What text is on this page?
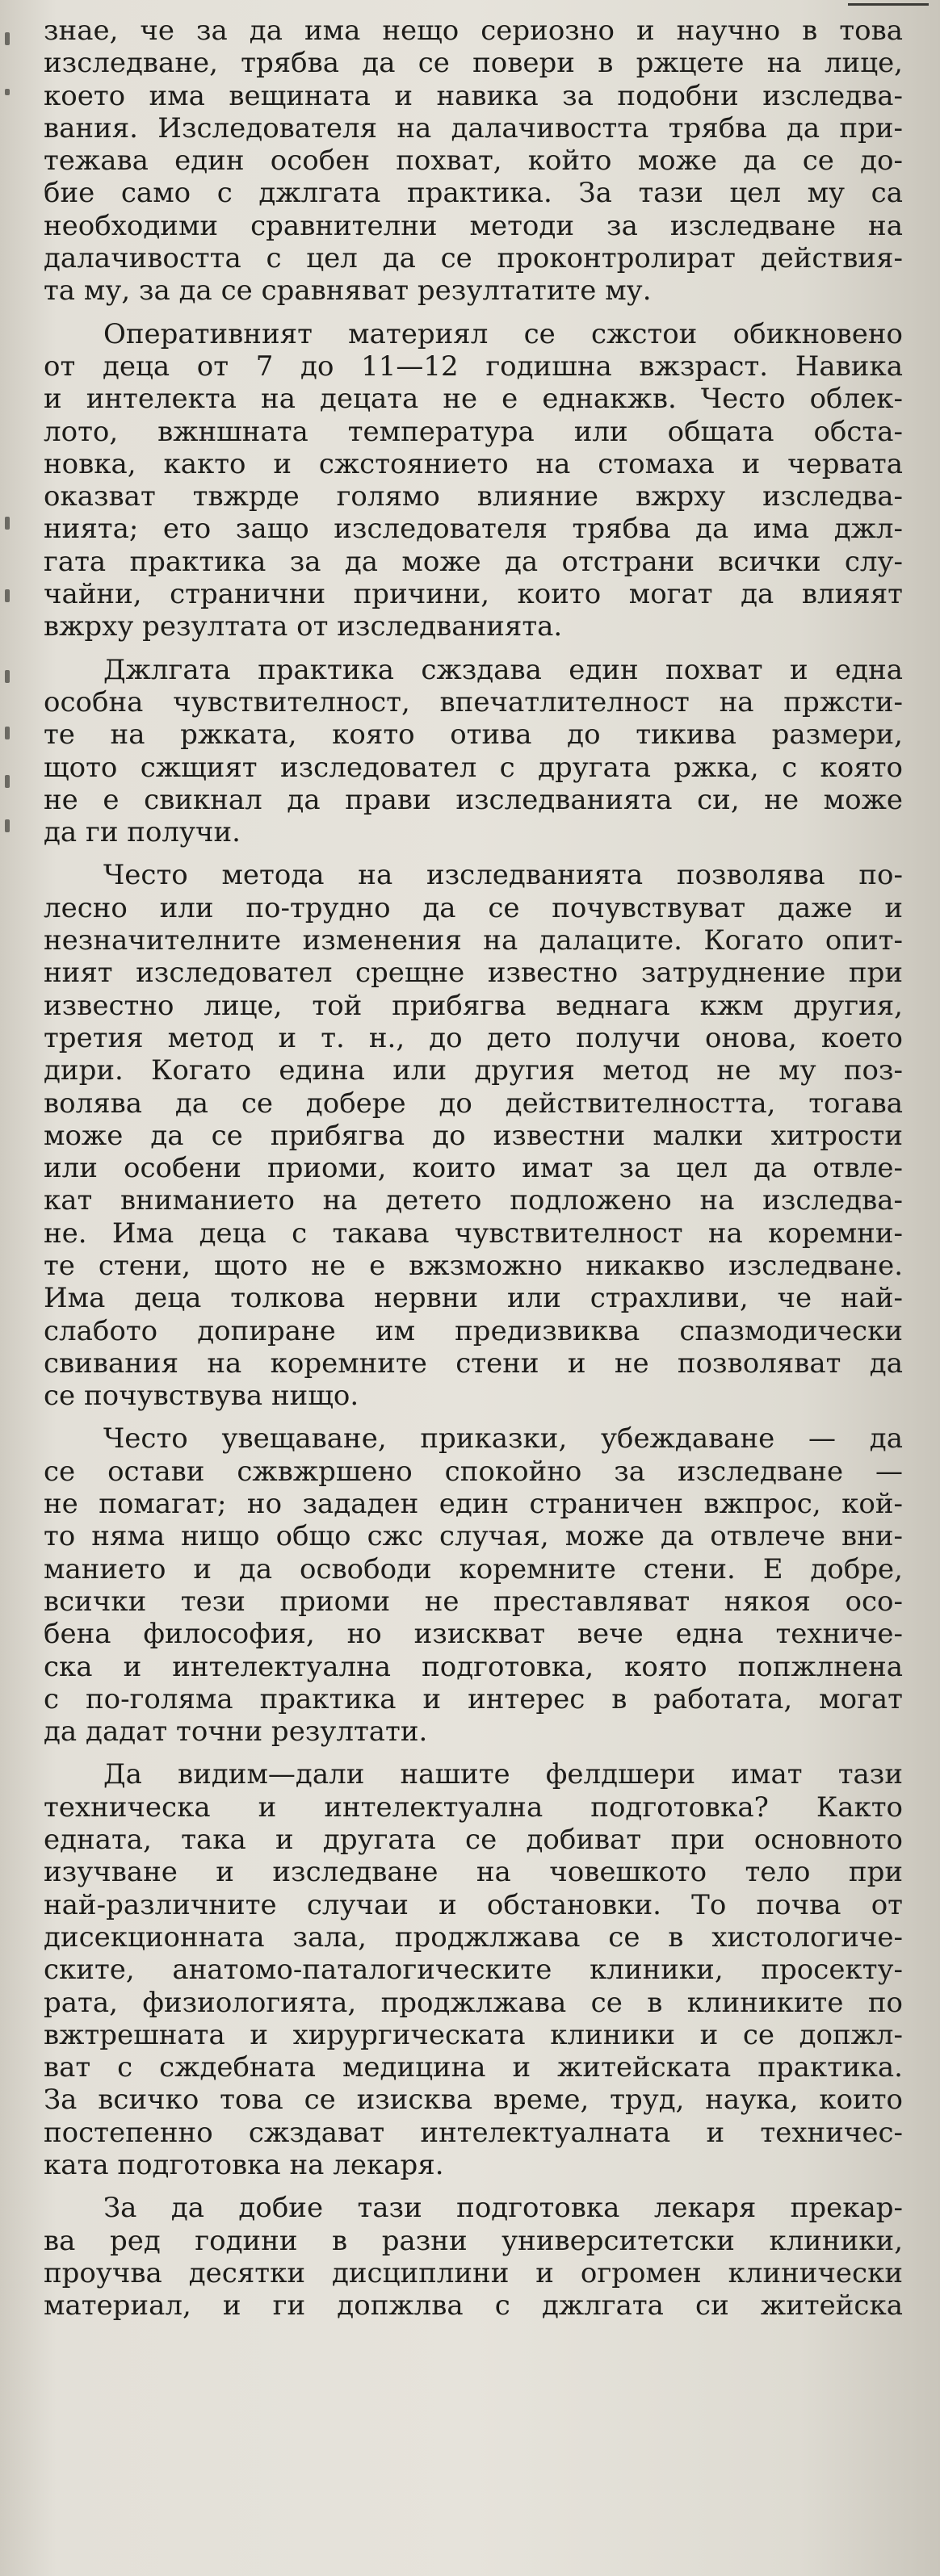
знае, че за да има нещо сериозно и научно в това
изследване, трябва да се повери в ржцете на лице,
което има вещината и навика за подобни изследва-
вания. Изследователя на далачивостта трябва да при-
тежава един особен похват, който може да се до-
бие само с джлгата практика. За тази цел му са
необходими сравнителни методи за изследване на
далачивостта с цел да се проконтролират действия-
та му, за да се сравняват резултатите му.
Оперативният материял се сжстои обикновено
от деца от 7 до 11—12 годишна вжзраст. Навика
и интелекта на децата не е еднакжв. Често облек-
лото, вжншната температура или общата обста-
новка, както и сжстоянието на стомаха и червата
оказват твжрде голямо влияние вжрху изследва-
нията; ето защо изследователя трябва да има джл-
гата практика за да може да отстрани всички слу-
чайни, странични причини, които могат да влияят
вжрху резултата от изследванията.
Джлгата практика сжздава един похват и една
особна чувствителност, впечатлителност на пржсти-
те на ржката, която отива до тикива размери,
щото сжщият изследовател с другата ржка, с която
не е свикнал да прави изследванията си, не може
да ги получи.
Често метода на изследванията позволява по-
лесно или по-трудно да се почувствуват даже и
незначителните изменения на далаците. Когато опит-
ният изследовател срещне известно затруднение при
известно лице, той прибягва веднага кжм другия,
третия метод и т. н., до дето получи онова, което
дири. Когато едина или другия метод не му поз-
волява да се добере до действителността, тогава
може да се прибягва до известни малки хитрости
или особени приоми, които имат за цел да отвле-
кат вниманието на детето подложено на изследва-
не. Има деца с такава чувствителност на коремни-
те стени, щото не е вжзможно никакво изследване.
Има деца толкова нервни или страхливи, че най-
слабото допиране им предизвиква спазмодически
свивания на коремните стени и не позволяват да
се почувствува нищо.
Често увещаване, приказки, убеждаване — да
се остави сжвжршено спокойно за изследване —
не помагат; но зададен един страничен вжпрос, кой-
то няма нищо общо сжс случая, може да отвлече вни-
манието и да освободи коремните стени. Е добре,
всички тези приоми не преставляват някоя осо-
бена философия, но изискват вече една техниче-
ска и интелектуална подготовка, която попжлнена
с по-голяма практика и интерес в работата, могат
да дадат точни резултати.
Да видим—дали нашите фелдшери имат тази
техническа и интелектуална подготовка? Както
едната, така и другата се добиват при основното
изучване и изследване на човешкото тело при
най-различните случаи и обстановки. То почва от
дисекционната зала, проджлжава се в хистологиче-
ските, анатомо-паталогическите клиники, просекту-
рата, физиологията, проджлжава се в клиниките по
вжтрешната и хирургическата клиники и се допжл-
ват с сждебната медицина и житейската практика.
За всичко това се изисква време, труд, наука, които
постепенно сжздават интелектуалната и техничес-
ката подготовка на лекаря.
За да добие тази подготовка лекаря прекар-
ва ред години в разни университетски клиники,
проучва десятки дисциплини и огромен клинически
материал, и ги допжлва с джлгата си житейска
